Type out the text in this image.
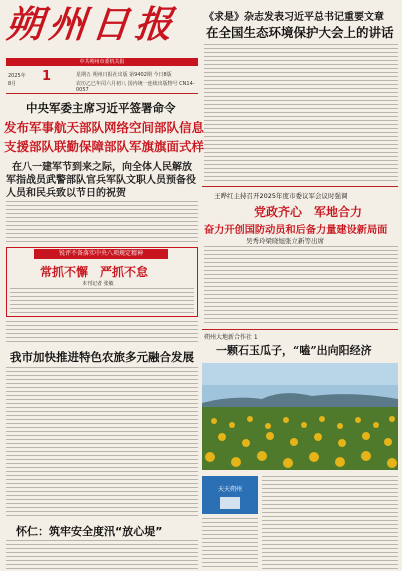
朔州日报
中共朔州市委机关报
2025年
8月 1	星期五 朔州日报社出版 第9402期 今日8版
农历乙巳年闰六月初八 国内统一连续出版物号 CN14-0057
《求是》杂志发表习近平总书记重要文章
在全国生态环境保护大会上的讲话
中央军委主席习近平签署命令
发布军事航天部队网络空间部队信息
支援部队联勤保障部队军旗旗面式样
在八一建军节到来之际，向全体人民解放
军指战员武警部队官兵军队文职人员预备役
人员和民兵致以节日的祝贺
锐评不备落实中央八项规定精神
常抓不懈　严抓不怠
本刊记者 张敏
我市加快推进特色农旅多元融合发展
怀仁：筑牢安全度汛“放心堤”
王晔红主持召开2025年度市委议军会议时强调
党政齐心　军地合力
奋力开创国防动员和后备力量建设新局面
吴秀玲梁晓旭张立新等出席
朔州大地新合作社 1
一颗石玉瓜子，“嗑”出向阳经济
天天朔州
